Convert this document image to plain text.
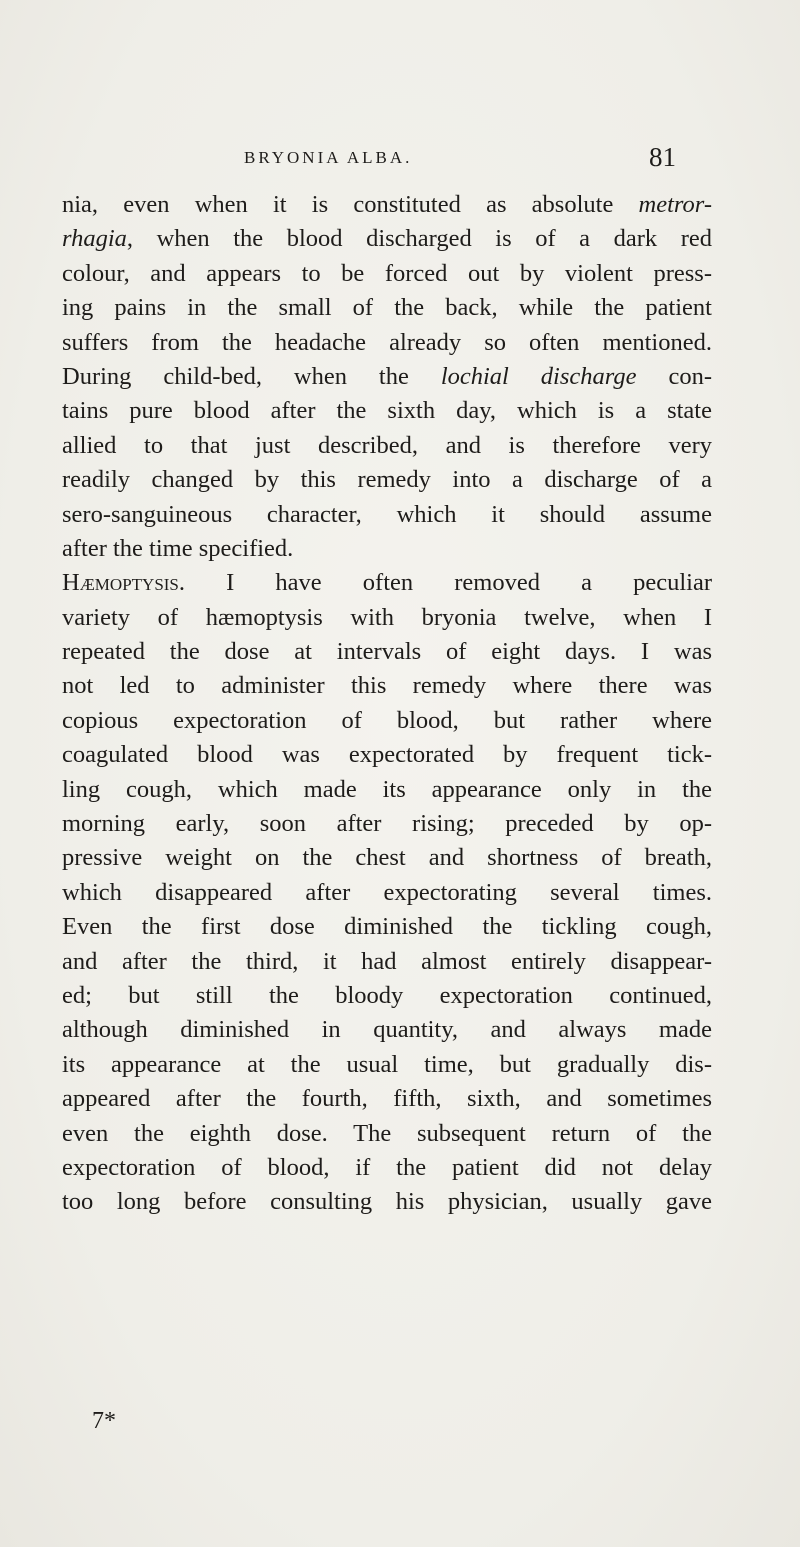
BRYONIA ALBA.	81
nia, even when it is constituted as absolute metror-
rhagia, when the blood discharged is of a dark red
colour, and appears to be forced out by violent press-
ing pains in the small of the back, while the patient
suffers from the headache already so often mentioned.
During child-bed, when the lochial discharge con-
tains pure blood after the sixth day, which is a state
allied to that just described, and is therefore very
readily changed by this remedy into a discharge of a
sero-sanguineous character, which it should assume
after the time specified.
Hæmoptysis. I have often removed a peculiar
variety of hæmoptysis with bryonia twelve, when I
repeated the dose at intervals of eight days. I was
not led to administer this remedy where there was
copious expectoration of blood, but rather where
coagulated blood was expectorated by frequent tick-
ling cough, which made its appearance only in the
morning early, soon after rising; preceded by op-
pressive weight on the chest and shortness of breath,
which disappeared after expectorating several times.
Even the first dose diminished the tickling cough,
and after the third, it had almost entirely disappear-
ed; but still the bloody expectoration continued,
although diminished in quantity, and always made
its appearance at the usual time, but gradually dis-
appeared after the fourth, fifth, sixth, and sometimes
even the eighth dose. The subsequent return of the
expectoration of blood, if the patient did not delay
too long before consulting his physician, usually gave
7*
